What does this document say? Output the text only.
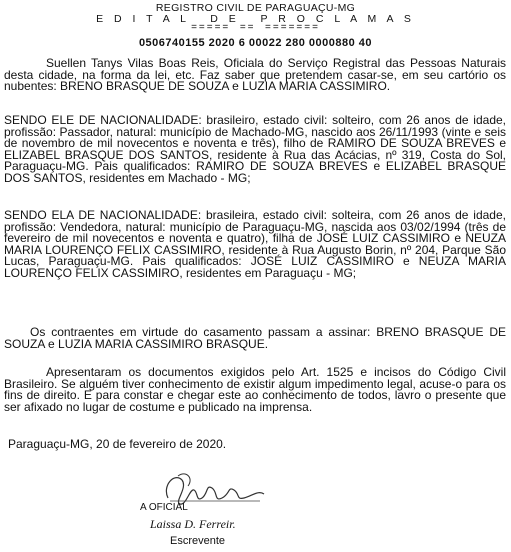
REGISTRO CIVIL DE PARAGUAÇU-MG
E D I T A L   D E   P R O C L A M A S
=====  ==  =======
0506740155 2020 6 00022 280 0000880 40

Suellen Tanys Vilas Boas Reis, Oficiala do Serviço Registral das Pessoas Naturais desta cidade, na forma da lei, etc. Faz saber que pretendem casar-se, em seu cartório os nubentes: BRENO BRASQUE DE SOUZA e LUZIA MARIA CASSIMIRO.

SENDO ELE DE NACIONALIDADE: brasileiro, estado civil: solteiro, com 26 anos de idade, profissão: Passador, natural: município de Machado-MG, nascido aos 26/11/1993 (vinte e seis de novembro de mil novecentos e noventa e três), filho de RAMIRO DE SOUZA BREVES e ELIZABEL BRASQUE DOS SANTOS, residente à Rua das Acácias, nº 319, Costa do Sol, Paraguaçu-MG. Pais qualificados: RAMIRO DE SOUZA BREVES e ELIZABEL BRASQUE DOS SANTOS, residentes em Machado - MG;

SENDO ELA DE NACIONALIDADE: brasileira, estado civil: solteira, com 26 anos de idade, profissão: Vendedora, natural: município de Paraguaçu-MG, nascida aos 03/02/1994 (três de fevereiro de mil novecentos e noventa e quatro), filha de JOSÉ LUIZ CASSIMIRO e NEUZA MARIA LOURENÇO FELIX CASSIMIRO, residente à Rua Augusto Borin, nº 204, Parque São Lucas, Paraguaçu-MG. Pais qualificados: JOSÉ LUIZ CASSIMIRO e NEUZA MARIA LOURENÇO FELIX CASSIMIRO, residentes em Paraguaçu - MG;

Os contraentes em virtude do casamento passam a assinar: BRENO BRASQUE DE SOUZA e LUZIA MARIA CASSIMIRO BRASQUE.

Apresentaram os documentos exigidos pelo Art. 1525 e incisos do Código Civil Brasileiro. Se alguém tiver conhecimento de existir algum impedimento legal, acuse-o para os fins de direito. E para constar e chegar este ao conhecimento de todos, lavro o presente que ser afixado no lugar de costume e publicado na imprensa.

Paraguaçu-MG, 20 de fevereiro de 2020.
A OFICIAL
Laissa D. Ferreir.
Escrevente
